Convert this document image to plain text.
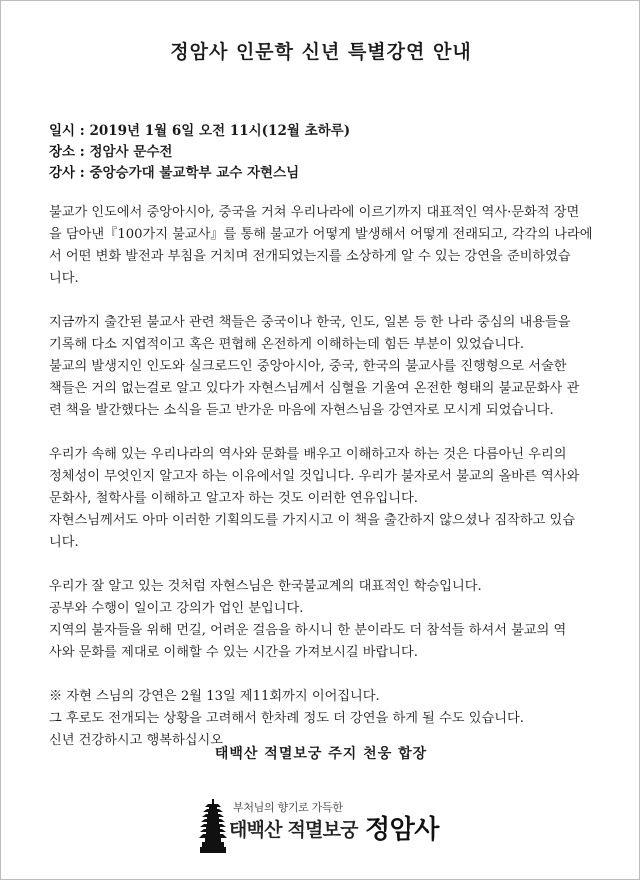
정암사 인문학 신년 특별강연 안내
일시 : 2019년 1월 6일 오전 11시(12월 초하루)
장소 : 정암사 문수전
강사 : 중앙승가대 불교학부 교수 자현스님

불교가 인도에서 중앙아시아, 중국을 거쳐 우리나라에 이르기까지 대표적인 역사·문화적 장면
을 담아낸『100가지 불교사』를 통해 불교가 어떻게 발생해서 어떻게 전래되고, 각각의 나라에
서 어떤 변화 발전과 부침을 거치며 전개되었는지를 소상하게 알 수 있는 강연을 준비하였습
니다.

지금까지 출간된 불교사 관련 책들은 중국이나 한국, 인도, 일본 등 한 나라 중심의 내용들을
기록해 다소 지엽적이고 혹은 편협해 온전하게 이해하는데 힘든 부분이 있었습니다.
불교의 발생지인 인도와 실크로드인 중앙아시아, 중국, 한국의 불교사를 진행형으로 서술한
책들은 거의 없는걸로 알고 있다가 자현스님께서 심혈을 기울여 온전한 형태의 불교문화사 관
련 책을 발간했다는 소식을 듣고 반가운 마음에 자현스님을 강연자로 모시게 되었습니다.

우리가 속해 있는 우리나라의 역사와 문화를 배우고 이해하고자 하는 것은 다름아닌 우리의
정체성이 무엇인지 알고자 하는 이유에서일 것입니다. 우리가 불자로서 불교의 올바른 역사와
문화사, 철학사를 이해하고 알고자 하는 것도 이러한 연유입니다.
자현스님께서도 아마 이러한 기획의도를 가지시고 이 책을 출간하지 않으셨나 짐작하고 있습
니다.

우리가 잘 알고 있는 것처럼 자현스님은 한국불교계의 대표적인 학승입니다.
공부와 수행이 일이고 강의가 업인 분입니다.
지역의 불자들을 위해 먼길, 어려운 걸음을 하시니 한 분이라도 더 참석들 하셔서 불교의 역
사와 문화를 제대로 이해할 수 있는 시간을 가져보시길 바랍니다.

※ 자현 스님의 강연은 2월 13일 제11회까지 이어집니다.
그 후로도 전개되는 상황을 고려해서 한차례 정도 더 강연을 하게 될 수도 있습니다.
신년 건강하시고 행복하십시오

태백산 적멸보궁 주지 천웅 합장
부처님의 향기로 가득한
태백산 적멸보궁 정암사
